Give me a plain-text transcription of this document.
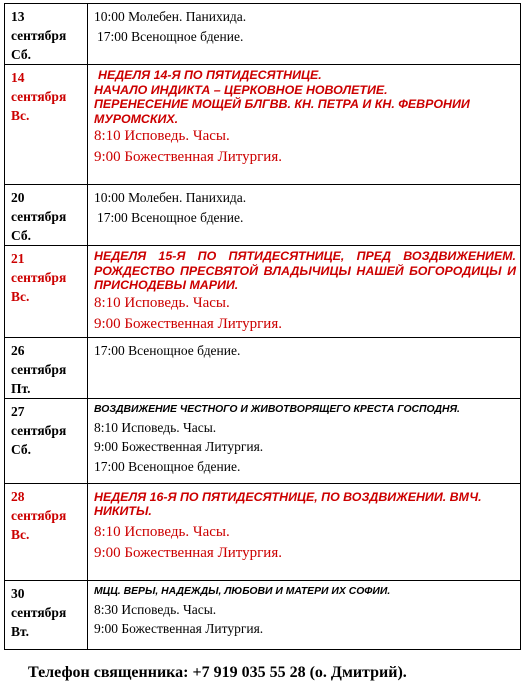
13
сентября
Сб.	10:00 Молебен. Панихида.
17:00 Всенощное бдение.

14
сентября
Вс.	НЕДЕЛЯ 14-Я ПО ПЯТИДЕСЯТНИЦЕ.
НАЧАЛО ИНДИКТА – ЦЕРКОВНОЕ НОВОЛЕТИЕ.
ПЕРЕНЕСЕНИЕ МОЩЕЙ БЛГВВ. КН. ПЕТРА И КН. ФЕВРОНИИ МУРОМСКИХ.
8:10 Исповедь. Часы.
9:00 Божественная Литургия.

20
сентября
Сб.	10:00 Молебен. Панихида.
17:00 Всенощное бдение.

21
сентября
Вс.	НЕДЕЛЯ 15-Я ПО ПЯТИДЕСЯТНИЦЕ, ПРЕД ВОЗДВИЖЕНИЕМ. РОЖДЕСТВО ПРЕСВЯТОЙ ВЛАДЫЧИЦЫ НАШЕЙ БОГОРОДИЦЫ И ПРИСНОДЕВЫ МАРИИ.
8:10 Исповедь. Часы.
9:00 Божественная Литургия.

26
сентября
Пт.	17:00 Всенощное бдение.

27
сентября
Сб.	ВОЗДВИЖЕНИЕ ЧЕСТНОГО И ЖИВОТВОРЯЩЕГО КРЕСТА ГОСПОДНЯ.
8:10 Исповедь. Часы.
9:00 Божественная Литургия.
17:00 Всенощное бдение.

28
сентября
Вс.	НЕДЕЛЯ 16-Я ПО ПЯТИДЕСЯТНИЦЕ, ПО ВОЗДВИЖЕНИИ. ВМЧ. НИКИТЫ.
8:10 Исповедь. Часы.
9:00 Божественная Литургия.

30
сентября
Вт.	МЦЦ. ВЕРЫ, НАДЕЖДЫ, ЛЮБОВИ И МАТЕРИ ИХ СОФИИ.
8:30 Исповедь. Часы.
9:00 Божественная Литургия.
Телефон священника: +7 919 035 55 28 (о. Дмитрий).
